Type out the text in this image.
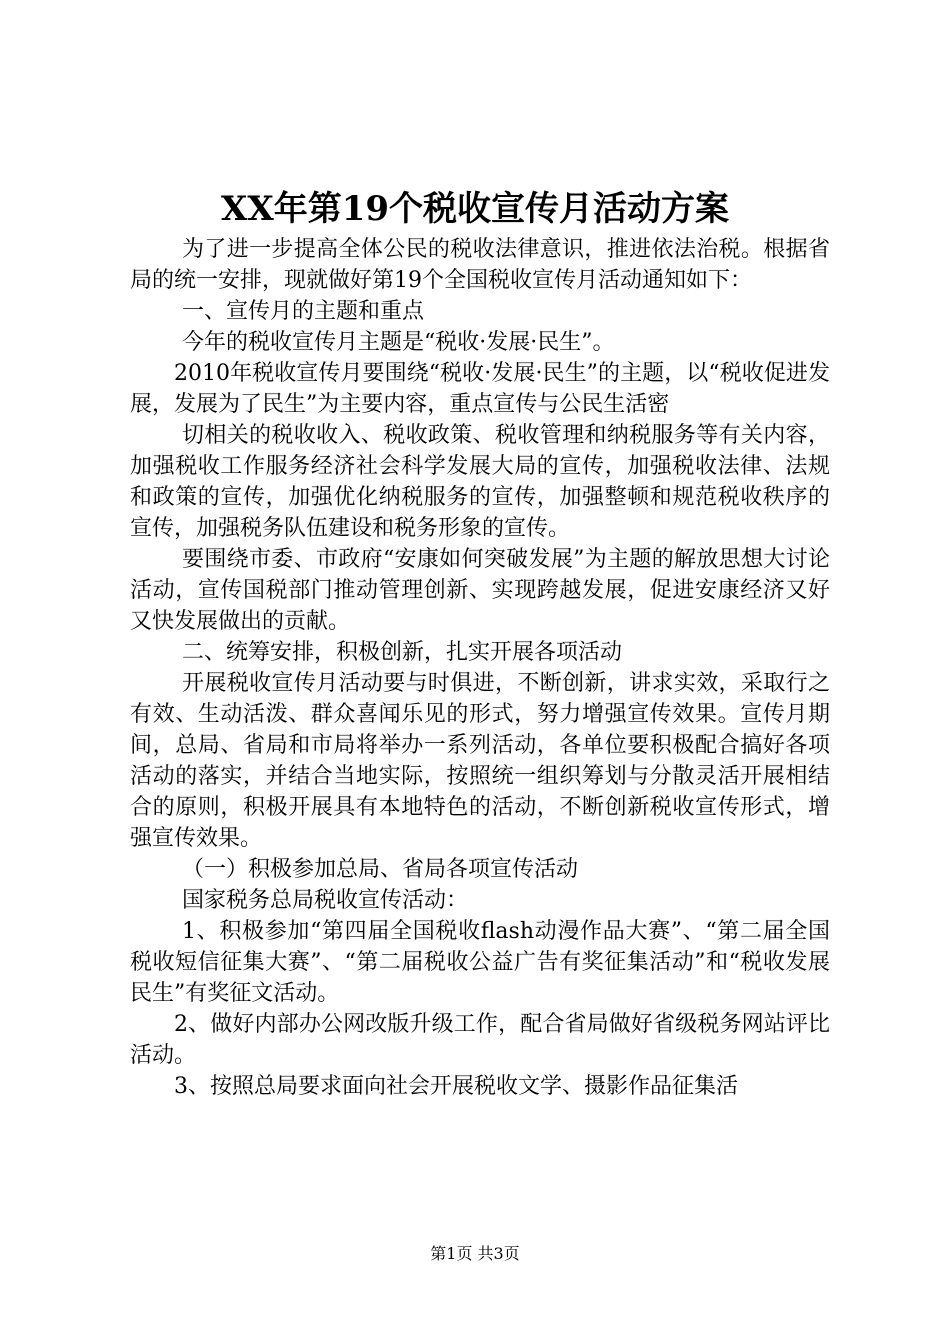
XX年第19个税收宣传月活动方案

为了进一步提高全体公民的税收法律意识，推进依法治税。根据省局的统一安排，现就做好第19个全国税收宣传月活动通知如下：

一、宣传月的主题和重点

今年的税收宣传月主题是“税收·发展·民生”。

2010年税收宣传月要围绕“税收·发展·民生”的主题，以“税收促进发展，发展为了民生”为主要内容，重点宣传与公民生活密

切相关的税收收入、税收政策、税收管理和纳税服务等有关内容，加强税收工作服务经济社会科学发展大局的宣传，加强税收法律、法规和政策的宣传，加强优化纳税服务的宣传，加强整顿和规范税收秩序的宣传，加强税务队伍建设和税务形象的宣传。

要围绕市委、市政府“安康如何突破发展”为主题的解放思想大讨论活动，宣传国税部门推动管理创新、实现跨越发展，促进安康经济又好又快发展做出的贡献。

二、统筹安排，积极创新，扎实开展各项活动

开展税收宣传月活动要与时俱进，不断创新，讲求实效，采取行之有效、生动活泼、群众喜闻乐见的形式，努力增强宣传效果。宣传月期间，总局、省局和市局将举办一系列活动，各单位要积极配合搞好各项活动的落实，并结合当地实际，按照统一组织筹划与分散灵活开展相结合的原则，积极开展具有本地特色的活动，不断创新税收宣传形式，增强宣传效果。

（一）积极参加总局、省局各项宣传活动

国家税务总局税收宣传活动：

1、积极参加“第四届全国税收flash动漫作品大赛”、“第二届全国税收短信征集大赛”、“第二届税收公益广告有奖征集活动”和“税收发展民生”有奖征文活动。

2、做好内部办公网改版升级工作，配合省局做好省级税务网站评比活动。

3、按照总局要求面向社会开展税收文学、摄影作品征集活

第1页 共3页
